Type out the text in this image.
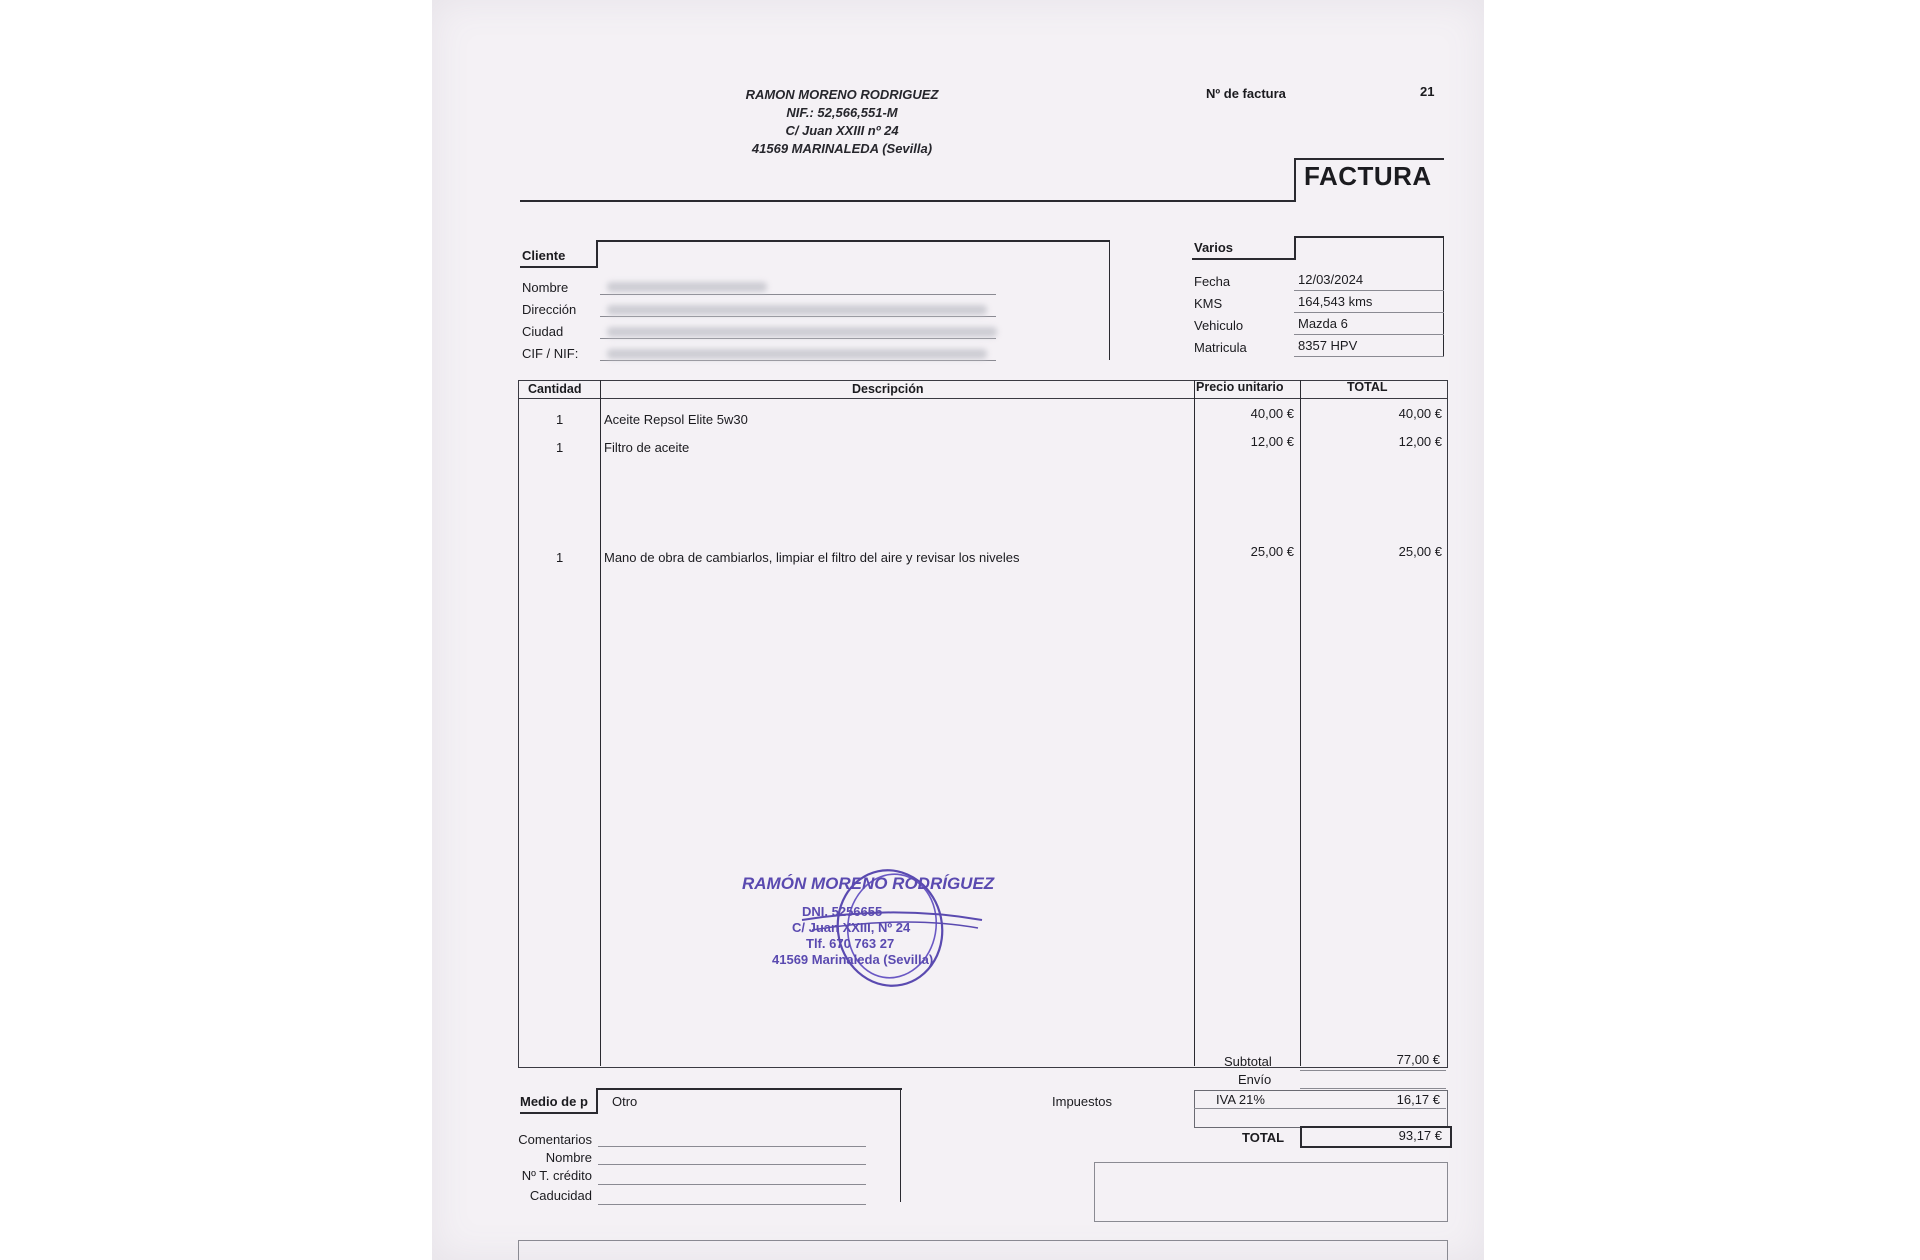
RAMON MORENO RODRIGUEZ
NIF.: 52,566,551-M
C/ Juan XXIII nº 24
41569 MARINALEDA (Sevilla)
Nº de factura	21
FACTURA
Cliente
Nombre
Dirección
Ciudad
CIF / NIF:
Varios
Fecha	12/03/2024
KMS	164,543 kms
Vehiculo	Mazda 6
Matricula	8357 HPV
Cantidad	Descripción	Precio unitario	TOTAL
1	Aceite Repsol Elite 5w30	40,00 €	40,00 €
1	Filtro de aceite	12,00 €	12,00 €
1	Mano de obra de cambiarlos, limpiar el filtro del aire y revisar los niveles	25,00 €	25,00 €
RAMÓN MORENO RODRÍGUEZ
DNI. 5256655
C/ Juan XXIII, Nº 24
Tlf. 670 763 27
41569 Marinaleda (Sevilla)
Subtotal	77,00 €
Envío
Impuestos	IVA 21%	16,17 €
TOTAL	93,17 €
Medio de p Otro
Comentarios
Nombre
Nº T. crédito
Caducidad
